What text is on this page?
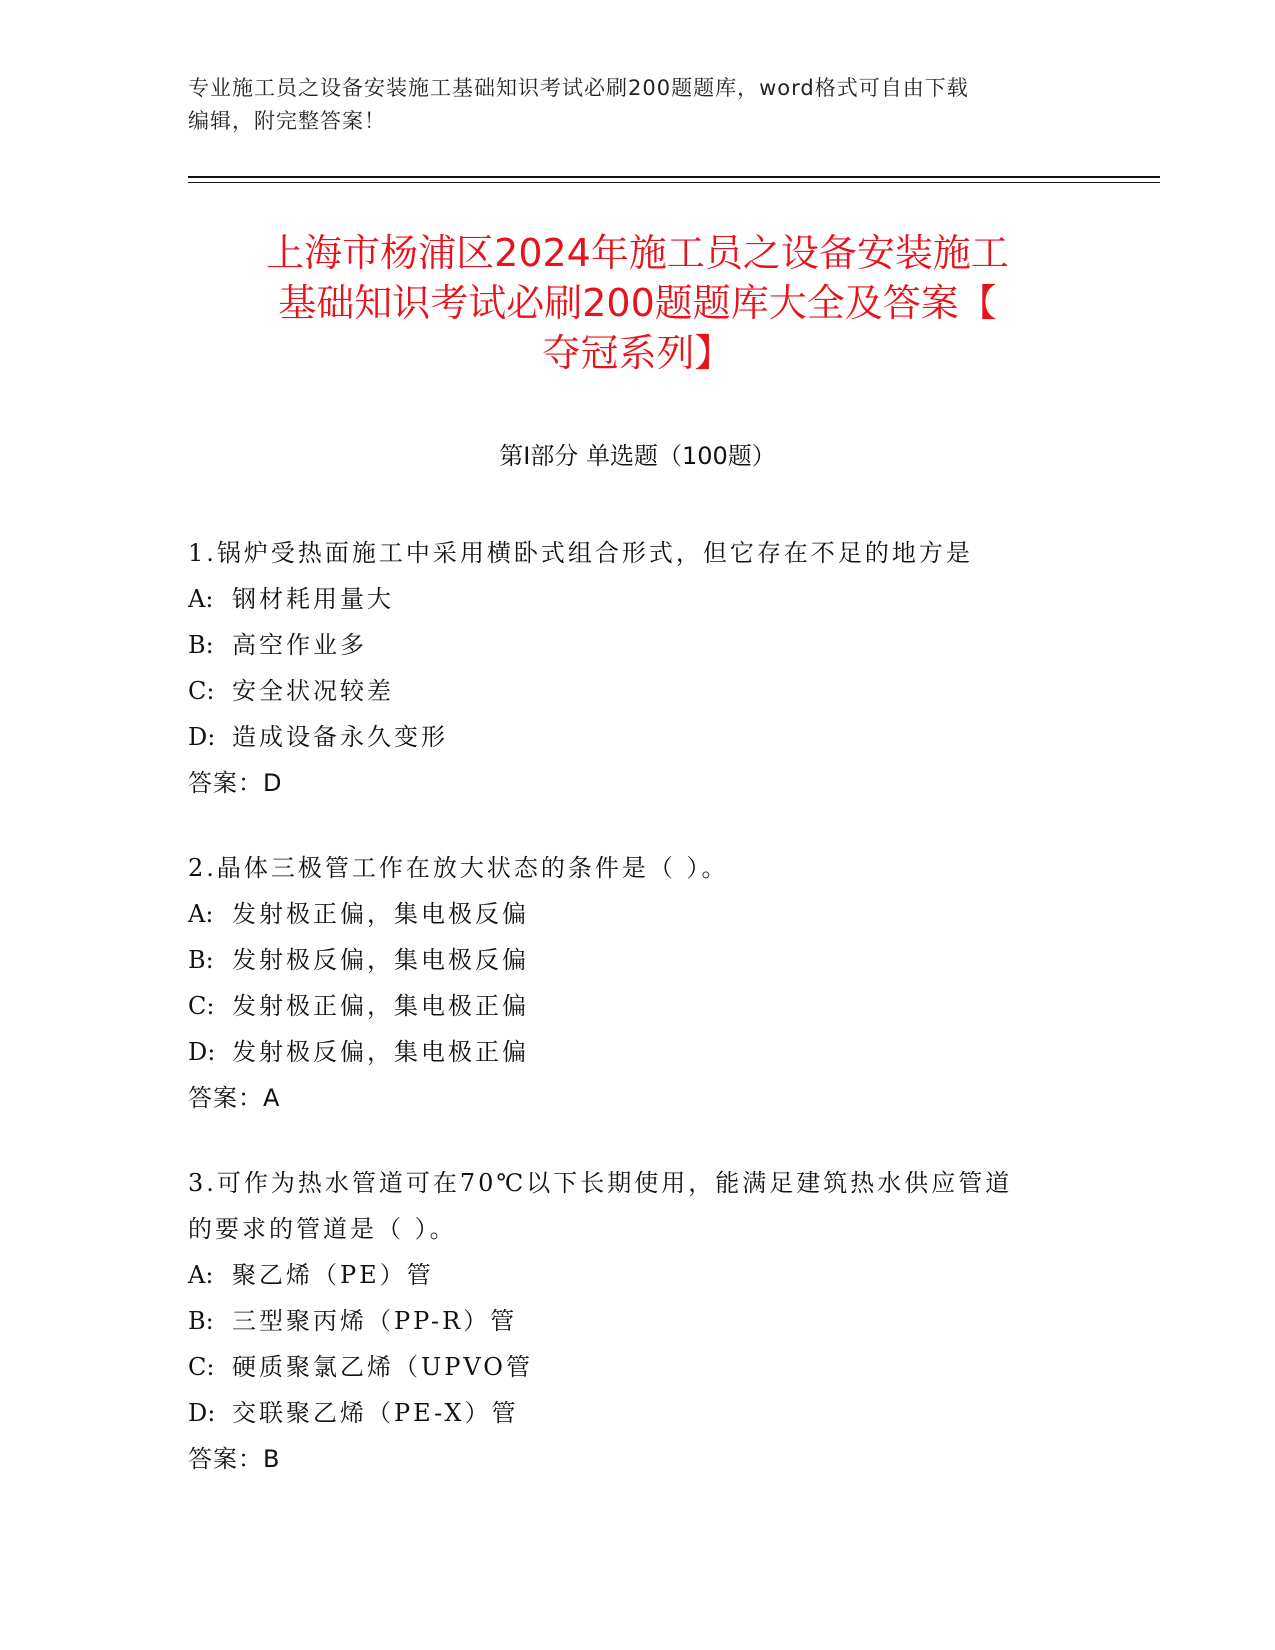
专业施工员之设备安装施工基础知识考试必刷200题题库，word格式可自由下载
编辑，附完整答案！
上海市杨浦区2024年施工员之设备安装施工
基础知识考试必刷200题题库大全及答案【
夺冠系列】
第Ⅰ部分 单选题（100题）
1.锅炉受热面施工中采用横卧式组合形式，但它存在不足的地方是
A: 钢材耗用量大
B: 高空作业多
C: 安全状况较差
D: 造成设备永久变形
答案：D
2.晶体三极管工作在放大状态的条件是（ ）。
A: 发射极正偏，集电极反偏
B: 发射极反偏，集电极反偏
C: 发射极正偏，集电极正偏
D: 发射极反偏，集电极正偏
答案：A
3.可作为热水管道可在70℃以下长期使用，能满足建筑热水供应管道
的要求的管道是（ ）。
A: 聚乙烯（PE）管
B: 三型聚丙烯（PP-R）管
C: 硬质聚氯乙烯（UPVO管
D: 交联聚乙烯（PE-X）管
答案：B
